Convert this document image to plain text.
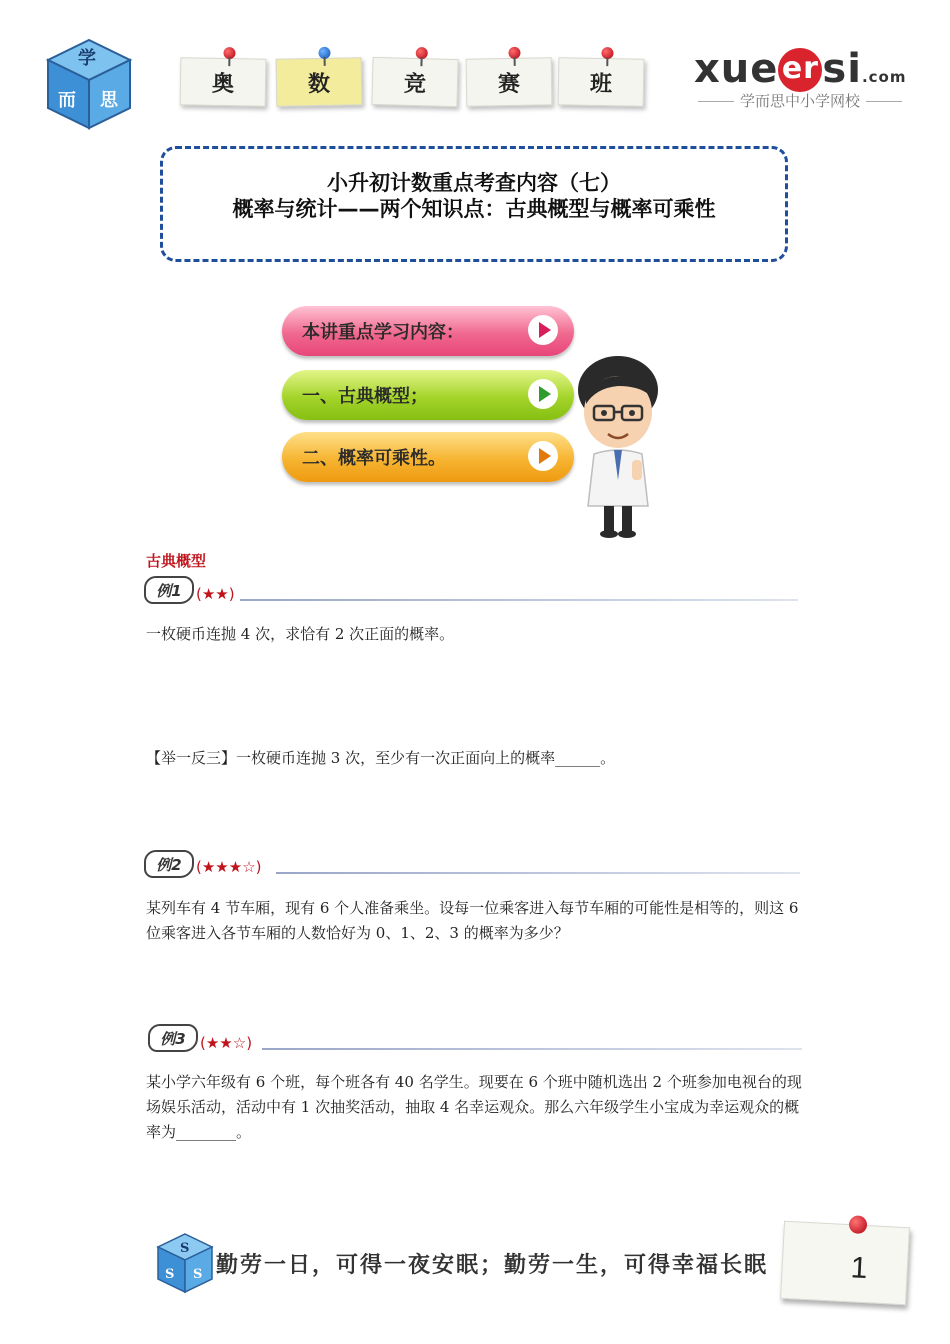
学
而 思
奥	数	竞	赛	班 xue ersi.com
学而思中小学网校
小升初计数重点考查内容（七）
概率与统计——两个知识点：古典概型与概率可乘性
本讲重点学习内容：
一、古典概型；
二、概率可乘性。
古典概型
例1 (★★)
一枚硬币连抛 4 次，求恰有 2 次正面的概率。
【举一反三】一枚硬币连抛 3 次，至少有一次正面向上的概率______。
例2 (★★★☆)
某列车有 4 节车厢，现有 6 个人准备乘坐。设每一位乘客进入每节车厢的可能性是相等的，则这 6 位乘客进入各节车厢的人数恰好为 0、1、2、3 的概率为多少？
例3 (★★☆)
某小学六年级有 6 个班，每个班各有 40 名学生。现要在 6 个班中随机选出 2 个班参加电视台的现场娱乐活动，活动中有 1 次抽奖活动，抽取 4 名幸运观众。那么六年级学生小宝成为幸运观众的概率为________。
S
S S 勤劳一日，可得一夜安眠；勤劳一生，可得幸福长眠	1
